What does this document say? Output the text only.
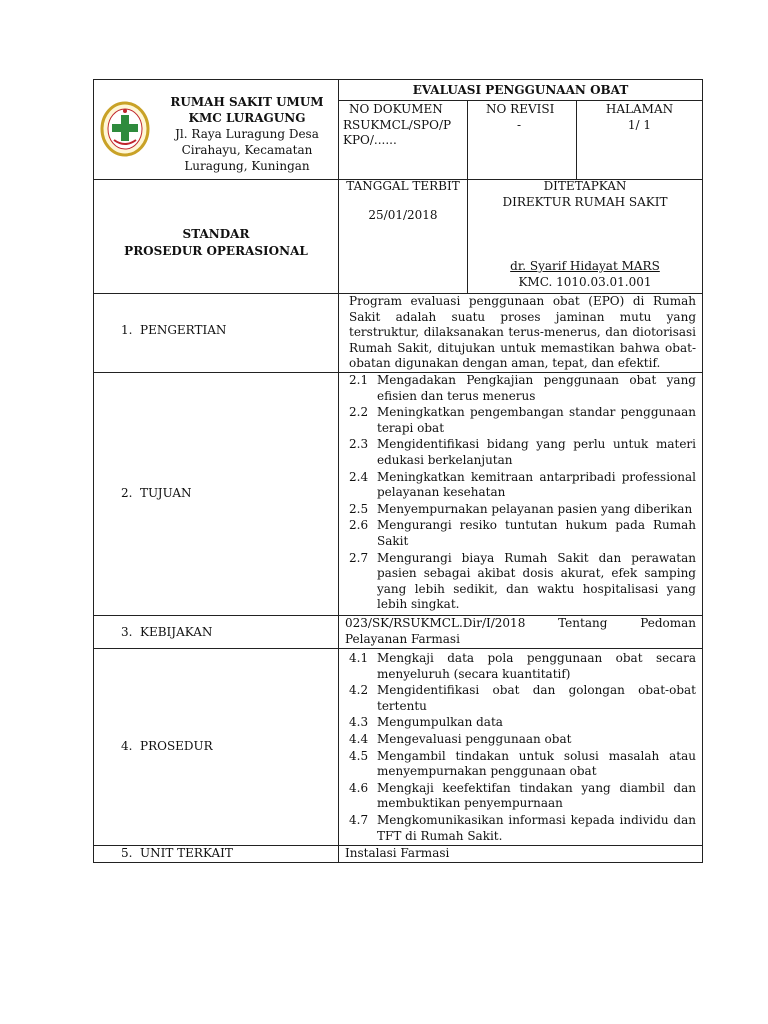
RUMAH SAKIT UMUM
KMC LURAGUNG
Jl. Raya Luragung Desa Cirahayu, Kecamatan Luragung, Kuningan
EVALUASI PENGGUNAAN OBAT
NO DOKUMEN
RSUKMCL/SPO/PKPO/......
NO REVISI
-
HALAMAN
1/ 1
STANDAR
PROSEDUR OPERASIONAL
TANGGAL TERBIT
25/01/2018
DITETAPKAN
DIREKTUR RUMAH SAKIT
dr. Syarif Hidayat MARS
KMC. 1010.03.01.001
1. PENGERTIAN
Program evaluasi penggunaan obat (EPO) di Rumah Sakit adalah suatu proses jaminan mutu yang terstruktur, dilaksanakan terus-menerus, dan diotorisasi Rumah Sakit, ditujukan untuk memastikan bahwa obat-obatan digunakan dengan aman, tepat, dan efektif.
2. TUJUAN
2.1 Mengadakan Pengkajian penggunaan obat yang efisien dan terus menerus
2.2 Meningkatkan pengembangan standar penggunaan terapi obat
2.3 Mengidentifikasi bidang yang perlu untuk materi edukasi berkelanjutan
2.4 Meningkatkan kemitraan antarpribadi professional pelayanan kesehatan
2.5 Menyempurnakan pelayanan pasien yang diberikan
2.6 Mengurangi resiko tuntutan hukum pada Rumah Sakit
2.7 Mengurangi biaya Rumah Sakit dan perawatan pasien sebagai akibat dosis akurat, efek samping yang lebih sedikit, dan waktu hospitalisasi yang lebih singkat.
3. KEBIJAKAN
023/SK/RSUKMCL.Dir/I/2018 Tentang Pedoman Pelayanan Farmasi
4. PROSEDUR
4.1 Mengkaji data pola penggunaan obat secara menyeluruh (secara kuantitatif)
4.2 Mengidentifikasi obat dan golongan obat-obat tertentu
4.3 Mengumpulkan data
4.4 Mengevaluasi penggunaan obat
4.5 Mengambil tindakan untuk solusi masalah atau menyempurnakan penggunaan obat
4.6 Mengkaji keefektifan tindakan yang diambil dan membuktikan penyempurnaan
4.7 Mengkomunikasikan informasi kepada individu dan TFT di Rumah Sakit.
5. UNIT TERKAIT	Instalasi Farmasi
